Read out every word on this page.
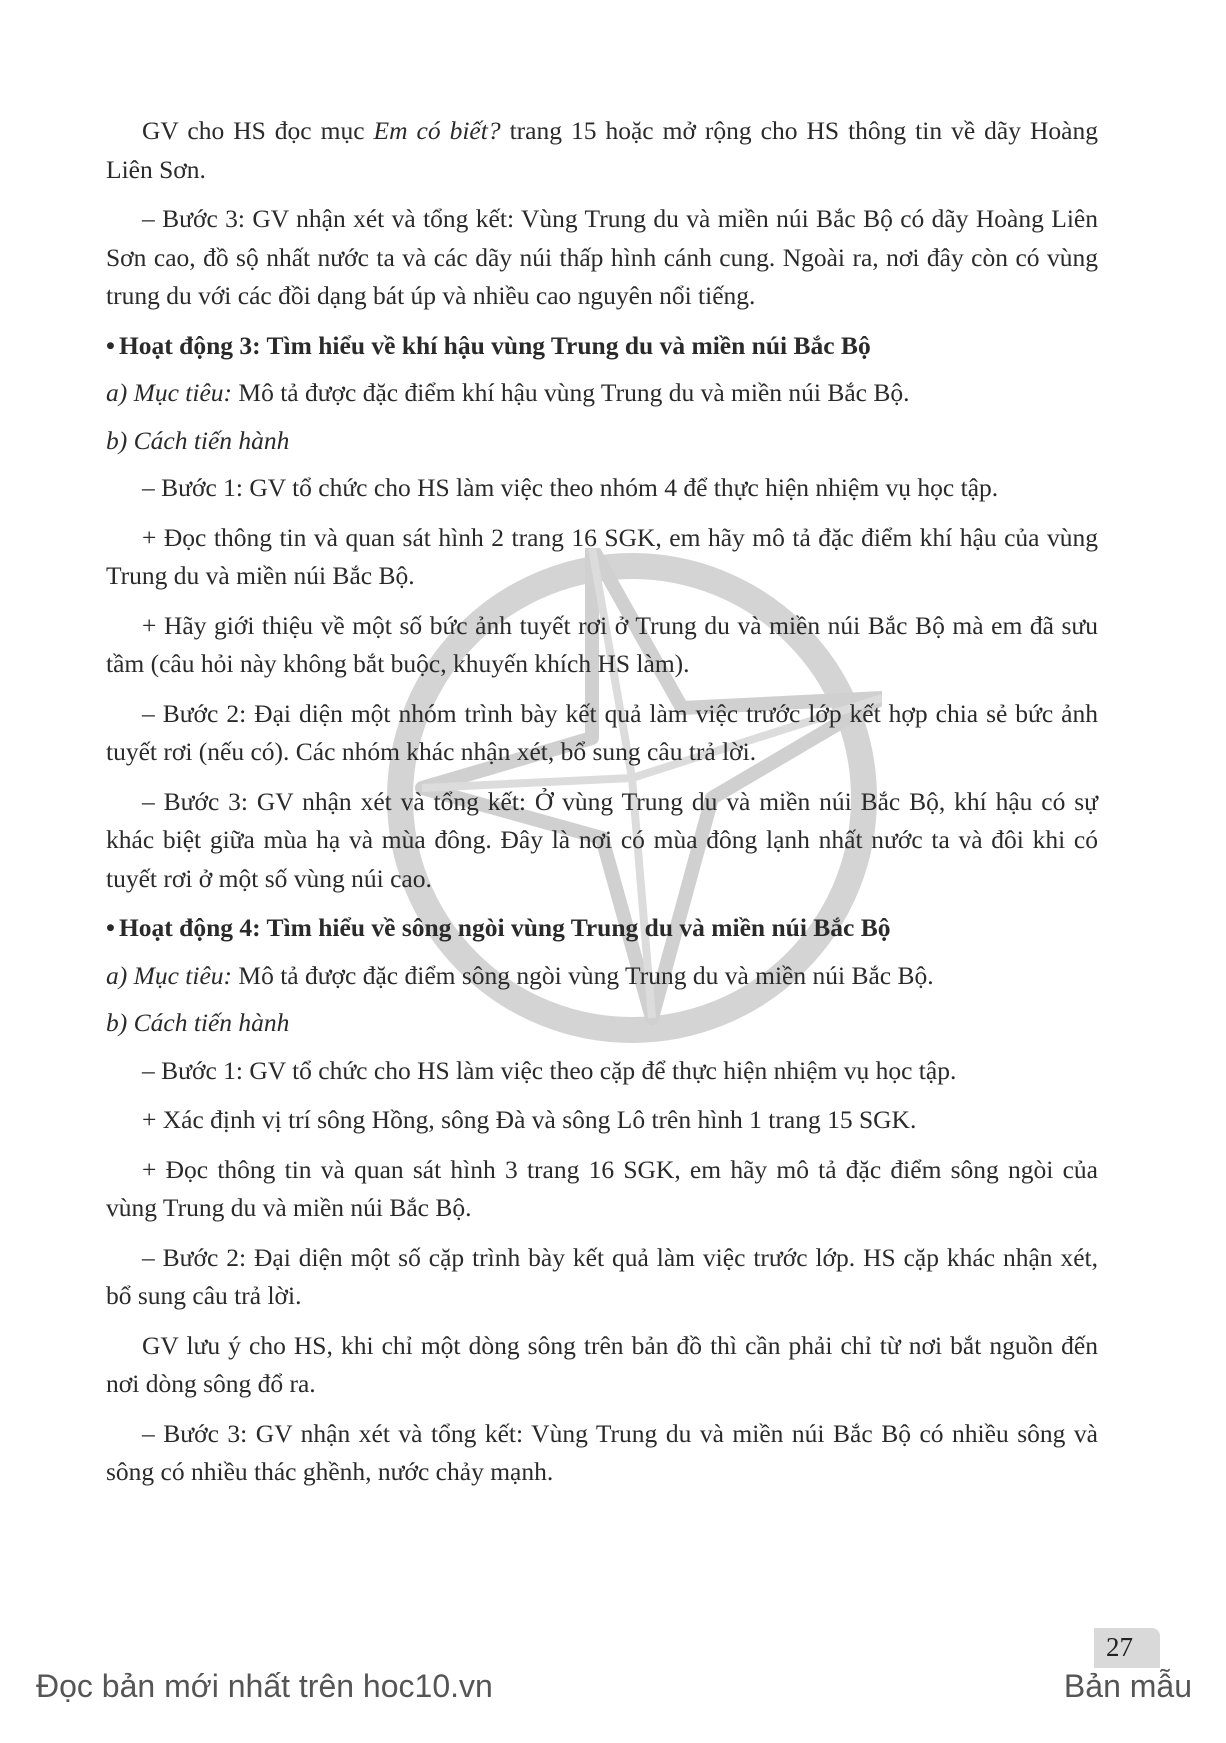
GV cho HS đọc mục Em có biết? trang 15 hoặc mở rộng cho HS thông tin về dãy Hoàng Liên Sơn.

– Bước 3: GV nhận xét và tổng kết: Vùng Trung du và miền núi Bắc Bộ có dãy Hoàng Liên Sơn cao, đồ sộ nhất nước ta và các dãy núi thấp hình cánh cung. Ngoài ra, nơi đây còn có vùng trung du với các đồi dạng bát úp và nhiều cao nguyên nổi tiếng.

• Hoạt động 3: Tìm hiểu về khí hậu vùng Trung du và miền núi Bắc Bộ

a) Mục tiêu: Mô tả được đặc điểm khí hậu vùng Trung du và miền núi Bắc Bộ.

b) Cách tiến hành

– Bước 1: GV tổ chức cho HS làm việc theo nhóm 4 để thực hiện nhiệm vụ học tập.

+ Đọc thông tin và quan sát hình 2 trang 16 SGK, em hãy mô tả đặc điểm khí hậu của vùng Trung du và miền núi Bắc Bộ.

+ Hãy giới thiệu về một số bức ảnh tuyết rơi ở Trung du và miền núi Bắc Bộ mà em đã sưu tầm (câu hỏi này không bắt buộc, khuyến khích HS làm).

– Bước 2: Đại diện một nhóm trình bày kết quả làm việc trước lớp kết hợp chia sẻ bức ảnh tuyết rơi (nếu có). Các nhóm khác nhận xét, bổ sung câu trả lời.

– Bước 3: GV nhận xét và tổng kết: Ở vùng Trung du và miền núi Bắc Bộ, khí hậu có sự khác biệt giữa mùa hạ và mùa đông. Đây là nơi có mùa đông lạnh nhất nước ta và đôi khi có tuyết rơi ở một số vùng núi cao.

• Hoạt động 4: Tìm hiểu về sông ngòi vùng Trung du và miền núi Bắc Bộ

a) Mục tiêu: Mô tả được đặc điểm sông ngòi vùng Trung du và miền núi Bắc Bộ.

b) Cách tiến hành

– Bước 1: GV tổ chức cho HS làm việc theo cặp để thực hiện nhiệm vụ học tập.

+ Xác định vị trí sông Hồng, sông Đà và sông Lô trên hình 1 trang 15 SGK.

+ Đọc thông tin và quan sát hình 3 trang 16 SGK, em hãy mô tả đặc điểm sông ngòi của vùng Trung du và miền núi Bắc Bộ.

– Bước 2: Đại diện một số cặp trình bày kết quả làm việc trước lớp. HS cặp khác nhận xét, bổ sung câu trả lời.

GV lưu ý cho HS, khi chỉ một dòng sông trên bản đồ thì cần phải chỉ từ nơi bắt nguồn đến nơi dòng sông đổ ra.

– Bước 3: GV nhận xét và tổng kết: Vùng Trung du và miền núi Bắc Bộ có nhiều sông và sông có nhiều thác ghềnh, nước chảy mạnh.

27
Đọc bản mới nhất trên hoc10.vn	Bản mẫu
